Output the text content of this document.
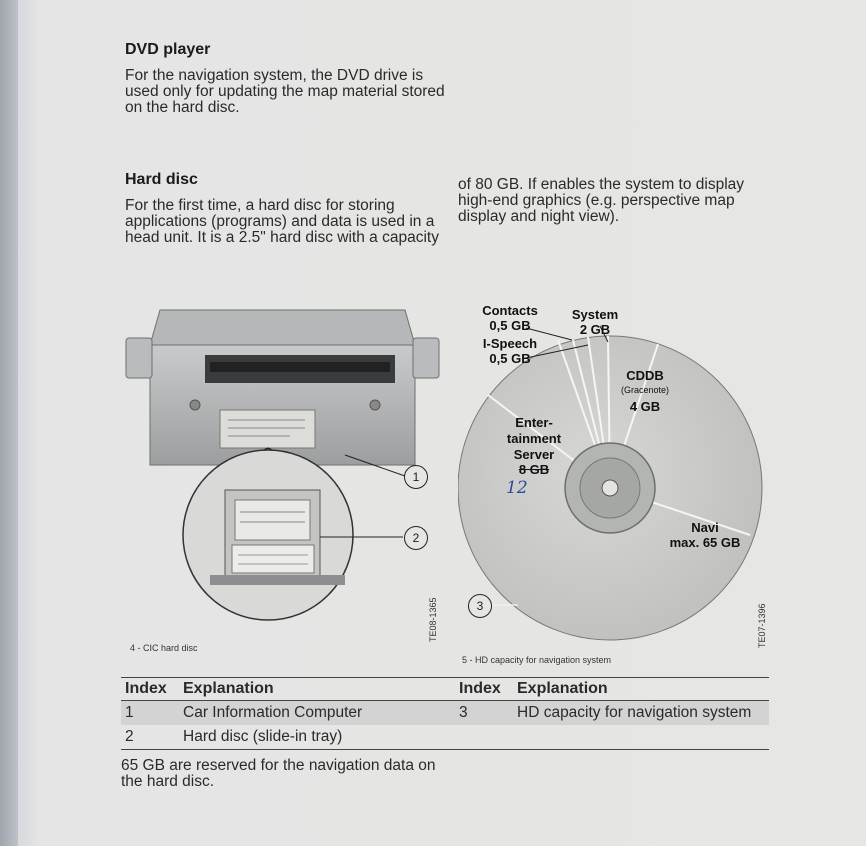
DVD player
For the navigation system, the DVD drive is used only for updating the map material stored on the hard disc.
Hard disc
For the first time, a hard disc for storing applications (programs) and data is used in a head unit. It is a 2.5" hard disc with a capacity
of 80 GB. If enables the system to display high-end graphics (e.g. perspective map display and night view).
1
2
4 - CIC hard disc
TE08-1365
Contacts
0,5 GB
I-Speech
0,5 GB
System
2 GB
CDDB
(Gracenote)
4 GB
Enter-
tainment
Server
8 GB
12
Navi
max. 65 GB
3
5 - HD capacity for navigation system
TE07-1396
Index	Explanation	Index	Explanation
1	Car Information Computer	3	HD capacity for navigation system
2	Hard disc (slide-in tray)		
65 GB are reserved for the navigation data on the hard disc.
